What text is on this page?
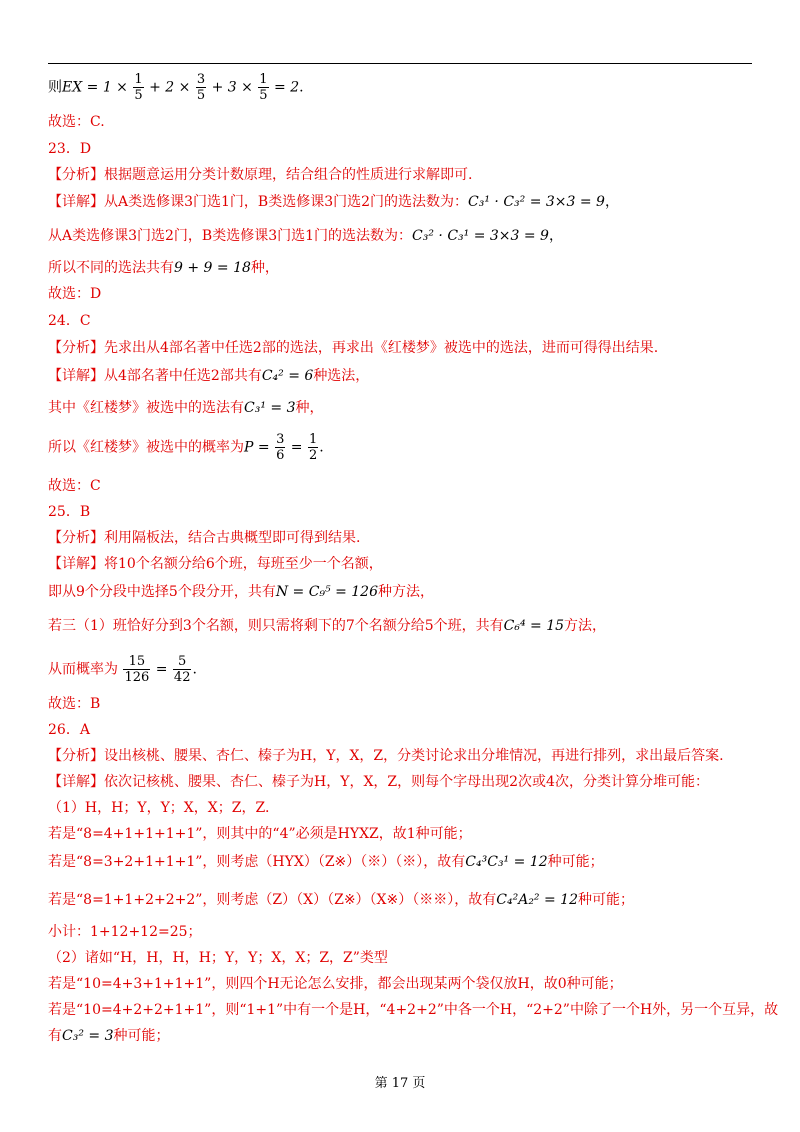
则EX = $1 \times \frac{1}{5} + 2 \times \frac{3}{5} + 3 \times \frac{1}{5} = 2$.
故选：C.
23．D
【分析】根据题意运用分类计数原理，结合组合的性质进行求解即可.
【详解】从A类选修课3门选1门，B类选修课3门选2门的选法数为：C₃¹ · C₃² = 3×3 = 9，
从A类选修课3门选2门，B类选修课3门选1门的选法数为：C₃² · C₃¹ = 3×3 = 9，
所以不同的选法共有9 + 9 = 18种，
故选：D
24．C
【分析】先求出从4部名著中任选2部的选法，再求出《红楼梦》被选中的选法，进而可得得出结果.
【详解】从4部名著中任选2部共有C₄² = 6种选法，
其中《红楼梦》被选中的选法有C₃¹ = 3种，
所以《红楼梦》被选中的概率为$P = \frac{3}{6} = \frac{1}{2}$ .
故选：C
25．B
【分析】利用隔板法，结合古典概型即可得到结果.
【详解】将10个名额分给6个班，每班至少一个名额，
即从9个分段中选择5个段分开，共有N = C₉⁵ = 126种方法，
若三（1）班恰好分到3个名额，则只需将剩下的7个名额分给5个班，共有C₆⁴ = 15方法，
从而概率为 $\frac{15}{126} = \frac{5}{42}$ .
故选：B
26．A
【分析】设出核桃、腰果、杏仁、榛子为H，Y，X，Z，分类讨论求出分堆情况，再进行排列，求出最后答案.
【详解】依次记核桃、腰果、杏仁、榛子为H，Y，X，Z，则每个字母出现2次或4次，分类计算分堆可能：
（1）H，H；Y，Y；X，X；Z，Z.
若是“8=4+1+1+1+1”，则其中的“4”必须是HYXZ，故1种可能；
若是“8=3+2+1+1+1”，则考虑（HYX）（Z※）（※）（※），故有C₄³C₃¹ = 12种可能；
若是“8=1+1+2+2+2”，则考虑（Z）（X）（Z※）（X※）（※※），故有C₄²A₂² = 12种可能；
小计：1+12+12=25；
（2）诸如“H，H，H，H；Y，Y；X，X；Z，Z”类型
若是“10=4+3+1+1+1”，则四个H无论怎么安排，都会出现某两个袋仅放H，故0种可能；
若是“10=4+2+2+1+1”，则“1+1”中有一个是H，“4+2+2”中各一个H，“2+2”中除了一个H外，另一个互异，故
有C₃² = 3种可能；
第 17 页
